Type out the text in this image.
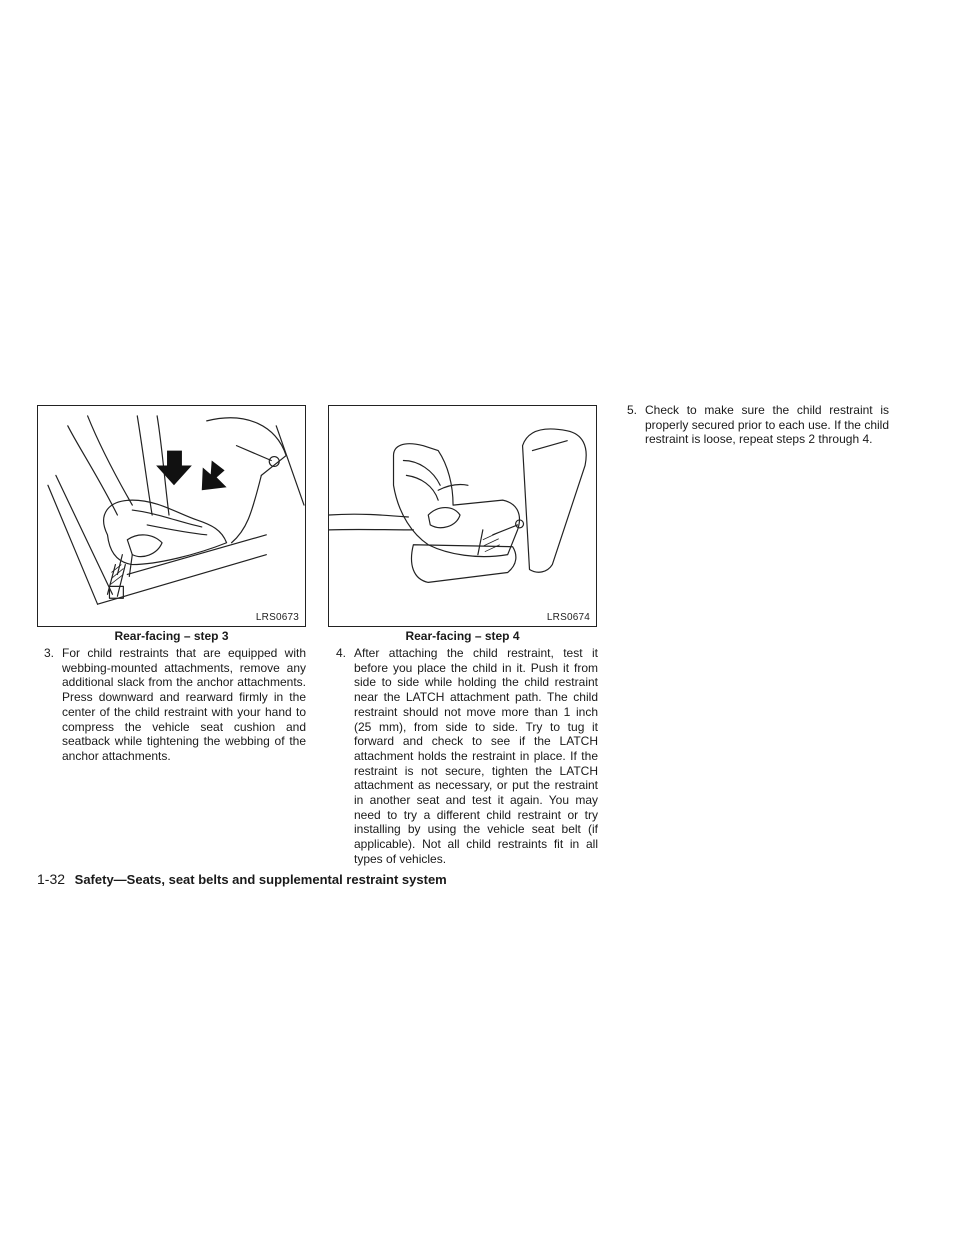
LRS0673
Rear-facing – step 3
LRS0674
Rear-facing – step 4
3. For child restraints that are equipped with webbing-mounted attachments, remove any additional slack from the anchor attachments. Press downward and rearward firmly in the center of the child restraint with your hand to compress the vehicle seat cushion and seatback while tightening the webbing of the anchor attachments.
4. After attaching the child restraint, test it before you place the child in it. Push it from side to side while holding the child restraint near the LATCH attachment path. The child restraint should not move more than 1 inch (25 mm), from side to side. Try to tug it forward and check to see if the LATCH attachment holds the restraint in place. If the restraint is not secure, tighten the LATCH attachment as necessary, or put the restraint in another seat and test it again. You may need to try a different child restraint or try installing by using the vehicle seat belt (if applicable). Not all child restraints fit in all types of vehicles.
5. Check to make sure the child restraint is properly secured prior to each use. If the child restraint is loose, repeat steps 2 through 4.
1-32 Safety—Seats, seat belts and supplemental restraint system
